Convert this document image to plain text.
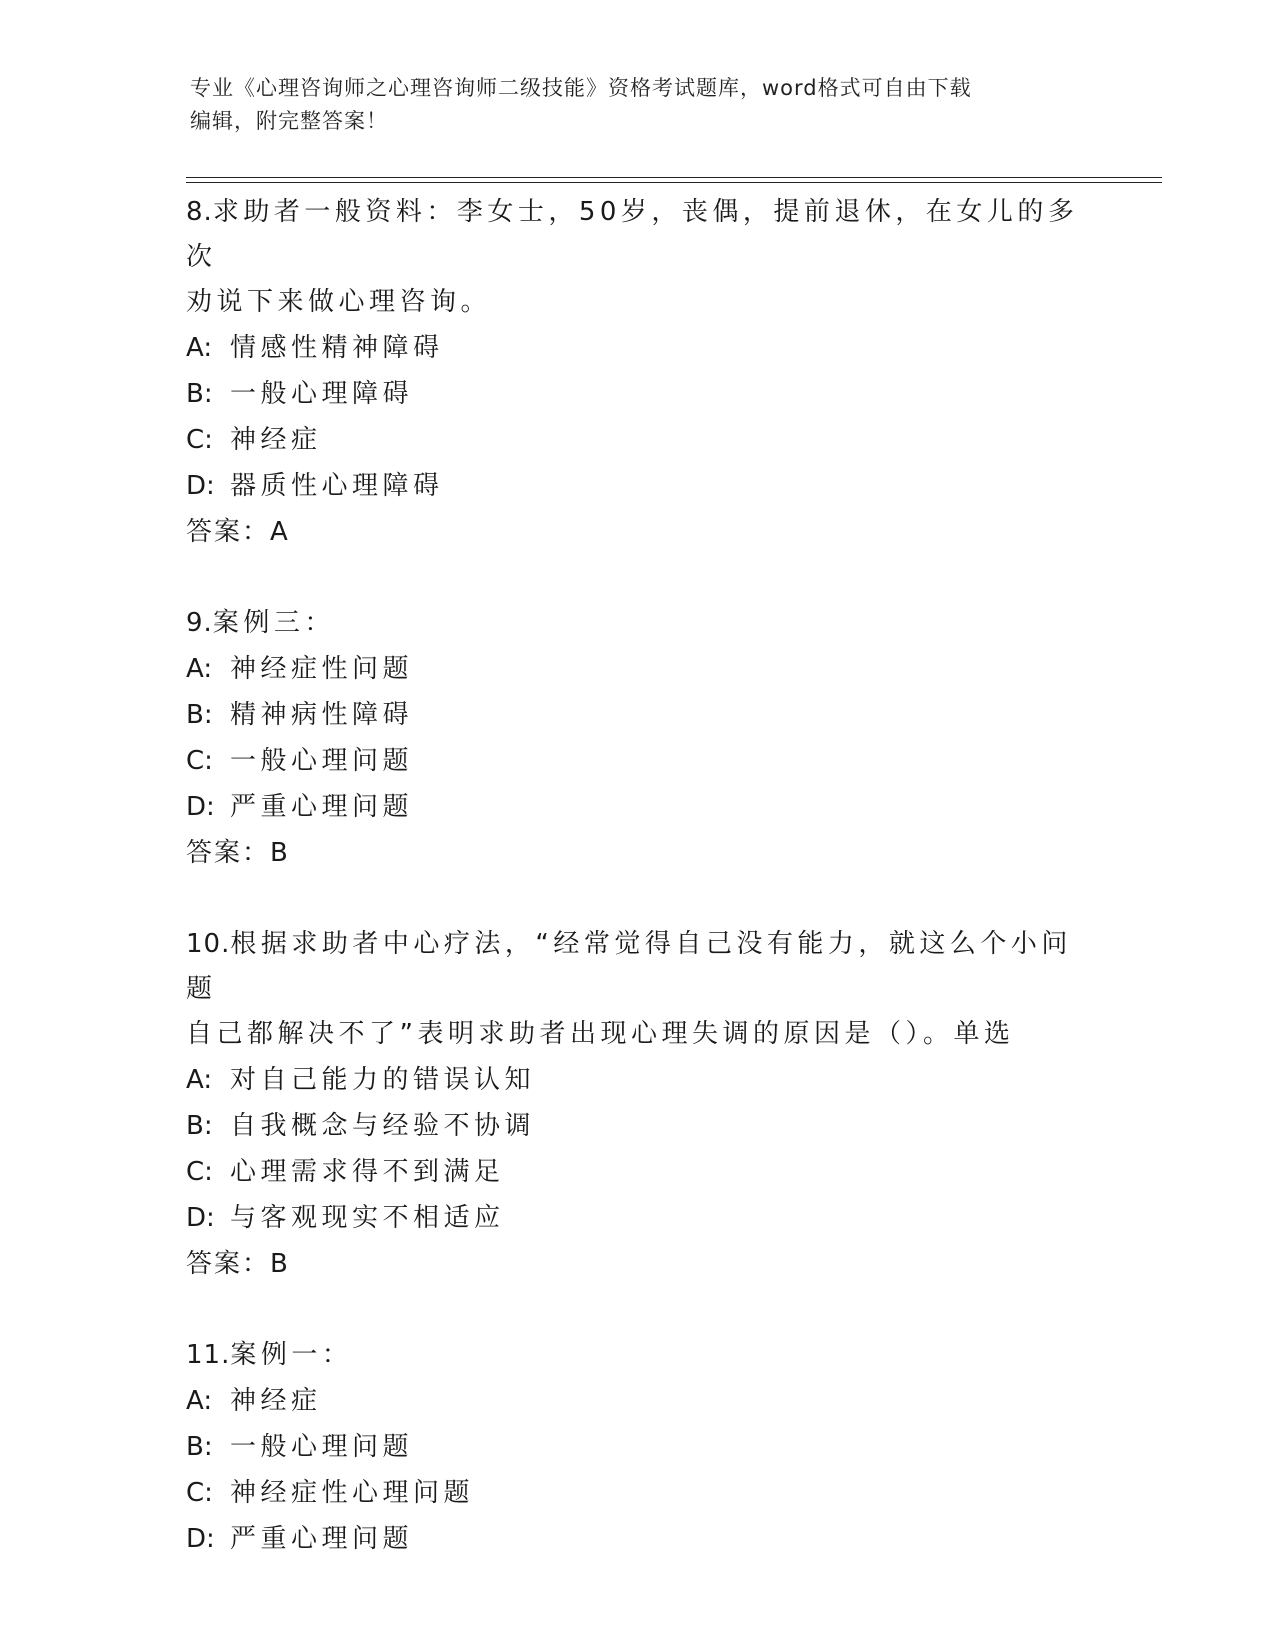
专业《心理咨询师之心理咨询师二级技能》资格考试题库，word格式可自由下载
编辑，附完整答案！

8.求助者一般资料：李女士，50岁，丧偶，提前退休，在女儿的多次

劝说下来做心理咨询。

A: 情感性精神障碍

B: 一般心理障碍

C: 神经症

D: 器质性心理障碍

答案：A

9.案例三：

A: 神经症性问题

B: 精神病性障碍

C: 一般心理问题

D: 严重心理问题

答案：B

10.根据求助者中心疗法，“经常觉得自己没有能力，就这么个小问题

自己都解决不了”表明求助者出现心理失调的原因是（）。单选

A: 对自己能力的错误认知

B: 自我概念与经验不协调

C: 心理需求得不到满足

D: 与客观现实不相适应

答案：B

11.案例一：

A: 神经症

B: 一般心理问题

C: 神经症性心理问题

D: 严重心理问题
